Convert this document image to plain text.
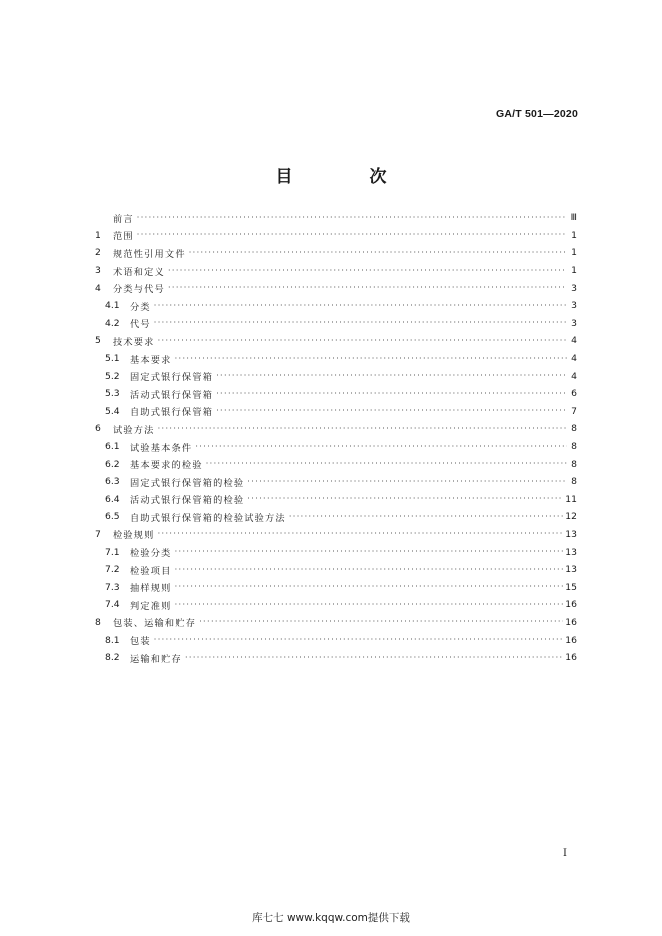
GA/T 501—2020
目　次
前言 ·····	Ⅲ
1	范围 ·····	1
2	规范性引用文件 ·····	1
3	术语和定义 ·····	1
4	分类与代号 ·····	3
4.1	分类 ·····	3
4.2	代号 ·····	3
5	技术要求 ·····	4
5.1	基本要求 ·····	4
5.2	固定式银行保管箱 ·····	4
5.3	活动式银行保管箱 ·····	6
5.4	自助式银行保管箱 ·····	7
6	试验方法 ·····	8
6.1	试验基本条件 ·····	8
6.2	基本要求的检验 ·····	8
6.3	固定式银行保管箱的检验 ·····	8
6.4	活动式银行保管箱的检验 ·····	11
6.5	自助式银行保管箱的检验试验方法 ·····	12
7	检验规则 ·····	13
7.1	检验分类 ·····	13
7.2	检验项目 ·····	13
7.3	抽样规则 ·····	15
7.4	判定准则 ·····	16
8	包装、运输和贮存 ·····	16
8.1	包装 ·····	16
8.2	运输和贮存 ·····	16
I
库七七 www.kqqw.com提供下载
